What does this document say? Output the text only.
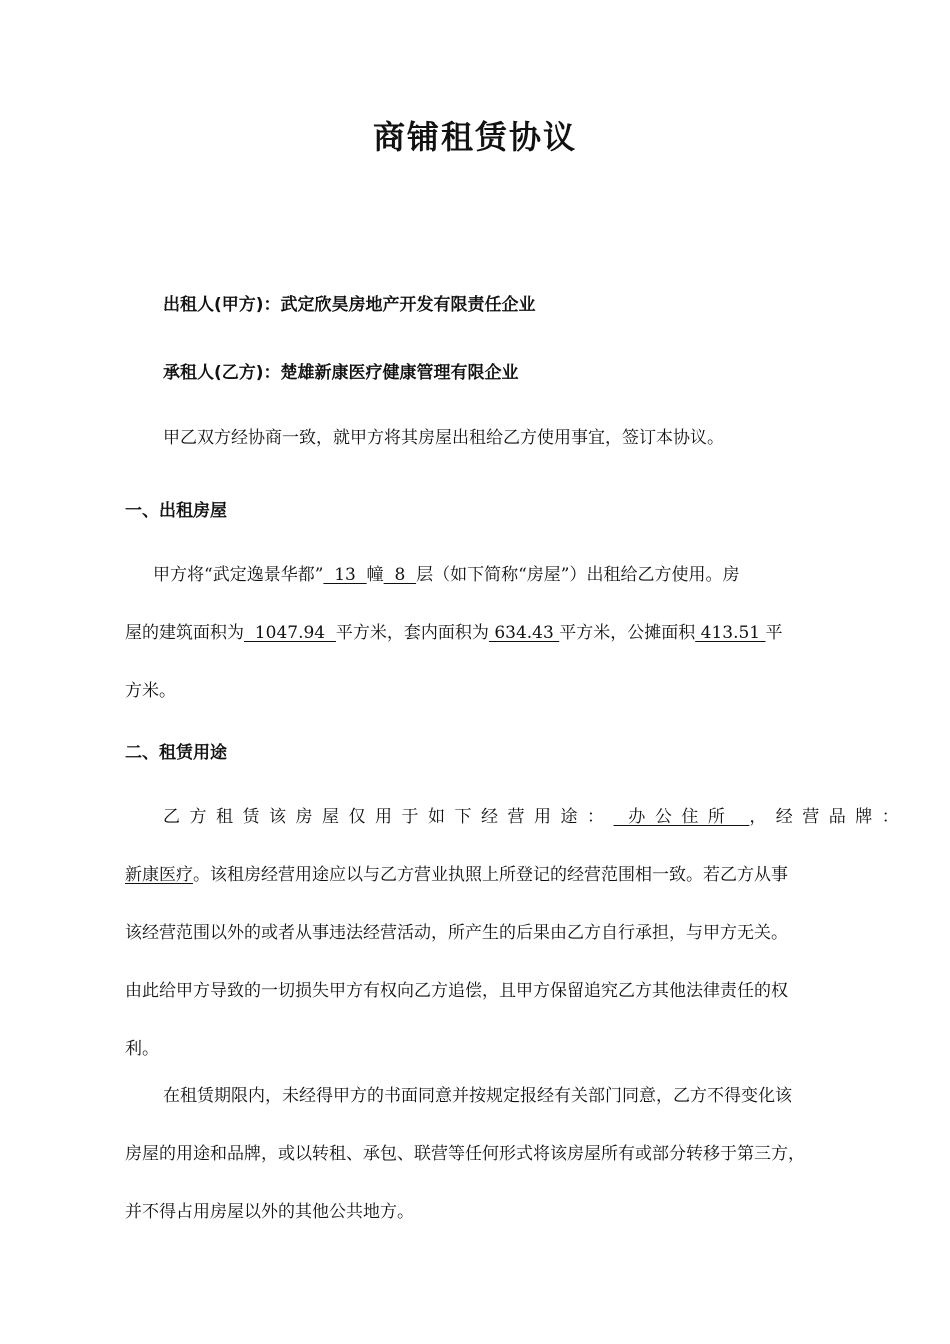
商铺租赁协议
出租人(甲方)：武定欣昊房地产开发有限责任企业
承租人(乙方)：楚雄新康医疗健康管理有限企业
甲乙双方经协商一致，就甲方将其房屋出租给乙方使用事宜，签订本协议。
一、出租房屋
甲方将“武定逸景华都”  13  幢  8  层（如下简称“房屋”）出租给乙方使用。房
屋的建筑面积为  1047.94  平方米，套内面积为 634.43 平方米，公摊面积 413.51 平
方米。
二、租赁用途
乙方租赁该房屋仅用于如下经营用途： 办公住所 ，经营品牌：
新康医疗。该租房经营用途应以与乙方营业执照上所登记的经营范围相一致。若乙方从事
该经营范围以外的或者从事违法经营活动，所产生的后果由乙方自行承担，与甲方无关。
由此给甲方导致的一切损失甲方有权向乙方追偿，且甲方保留追究乙方其他法律责任的权
利。
在租赁期限内，未经得甲方的书面同意并按规定报经有关部门同意，乙方不得变化该
房屋的用途和品牌，或以转租、承包、联营等任何形式将该房屋所有或部分转移于第三方，
并不得占用房屋以外的其他公共地方。
